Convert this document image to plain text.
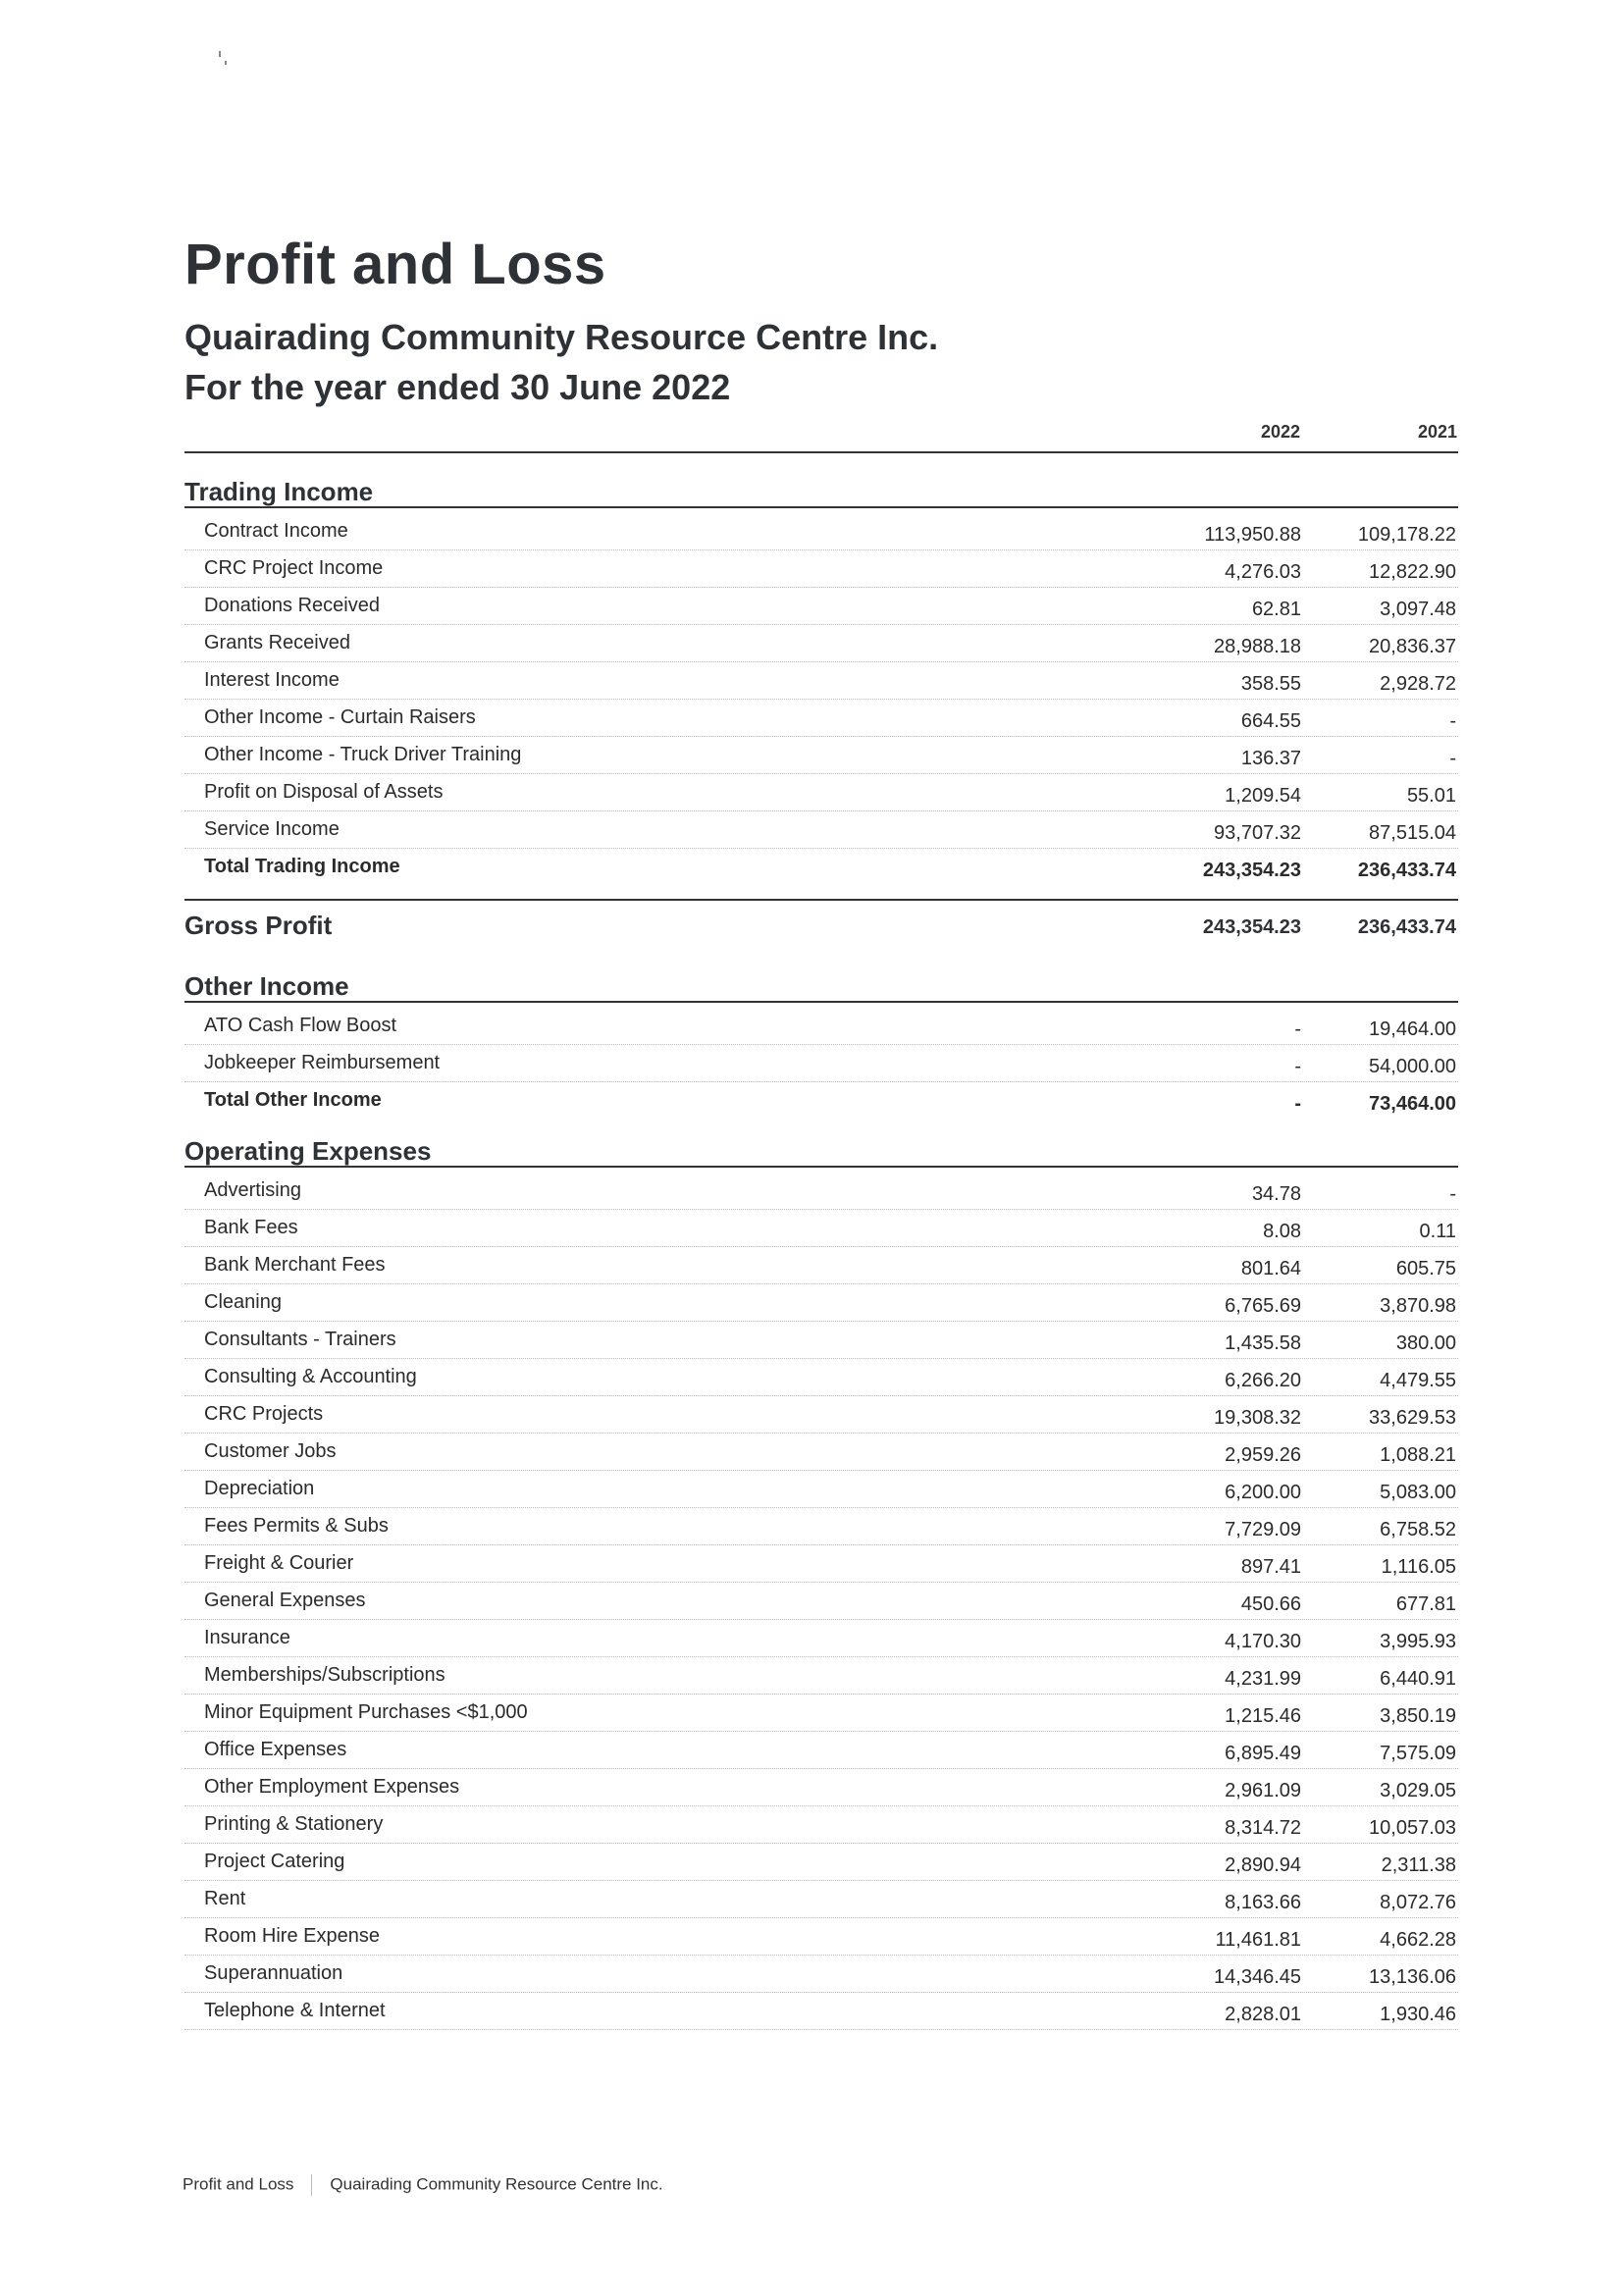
Profit and Loss
Quairading Community Resource Centre Inc.
For the year ended 30 June 2022
2022	2021
Trading Income
Contract Income	113,950.88	109,178.22
CRC Project Income	4,276.03	12,822.90
Donations Received	62.81	3,097.48
Grants Received	28,988.18	20,836.37
Interest Income	358.55	2,928.72
Other Income - Curtain Raisers	664.55	-
Other Income - Truck Driver Training	136.37	-
Profit on Disposal of Assets	1,209.54	55.01
Service Income	93,707.32	87,515.04
Total Trading Income	243,354.23	236,433.74
Gross Profit	243,354.23	236,433.74
Other Income
ATO Cash Flow Boost	-	19,464.00
Jobkeeper Reimbursement	-	54,000.00
Total Other Income	-	73,464.00
Operating Expenses
Advertising	34.78	-
Bank Fees	8.08	0.11
Bank Merchant Fees	801.64	605.75
Cleaning	6,765.69	3,870.98
Consultants - Trainers	1,435.58	380.00
Consulting & Accounting	6,266.20	4,479.55
CRC Projects	19,308.32	33,629.53
Customer Jobs	2,959.26	1,088.21
Depreciation	6,200.00	5,083.00
Fees Permits & Subs	7,729.09	6,758.52
Freight & Courier	897.41	1,116.05
General Expenses	450.66	677.81
Insurance	4,170.30	3,995.93
Memberships/Subscriptions	4,231.99	6,440.91
Minor Equipment Purchases <$1,000	1,215.46	3,850.19
Office Expenses	6,895.49	7,575.09
Other Employment Expenses	2,961.09	3,029.05
Printing & Stationery	8,314.72	10,057.03
Project Catering	2,890.94	2,311.38
Rent	8,163.66	8,072.76
Room Hire Expense	11,461.81	4,662.28
Superannuation	14,346.45	13,136.06
Telephone & Internet	2,828.01	1,930.46
Profit and Loss Quairading Community Resource Centre Inc.
